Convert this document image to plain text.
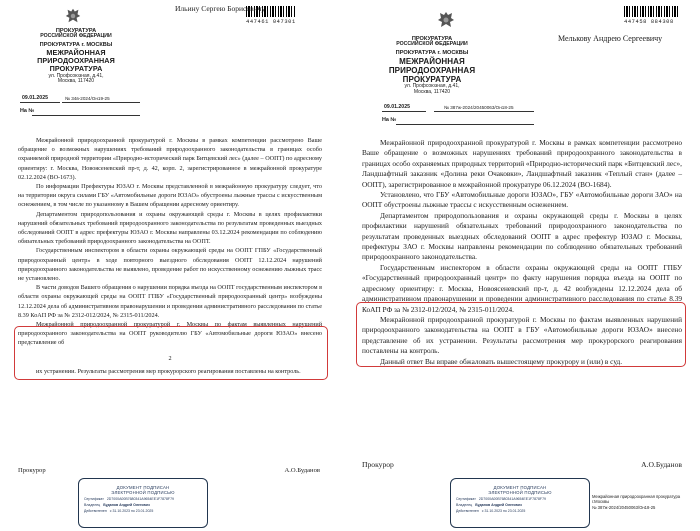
ПРОКУРАТУРА
РОССИЙСКОЙ ФЕДЕРАЦИИ
ПРОКУРАТУРА г. МОСКВЫ
МЕЖРАЙОННАЯ
ПРИРОДООХРАННАЯ ПРОКУРАТУРА
ул. Профсоюзная, д.41,
Москва, 117420
447461 047301
Ильину Сергею Борисовичу
09.01.2025	№ 34в-2024/Он19-25
На №

Межрайонной природоохранной прокуратурой г. Москвы в рамках компетенции рассмотрено Ваше обращение о возможных нарушениях требований природоохранного законодательства в границах особо охраняемой природной территории «Природно-исторический парк Битцевский лес» (далее – ООПТ) по адресному ориентиру: г. Москва, Новоясеневский пр-т, д. 42, корп. 2, зарегистрированное в межрайонной прокуратуре 02.12.2024 (ВО-1673).

По информации Префектуры ЮЗАО г. Москвы представленной в межрайонную прокуратуру следует, что на территории округа силами ГБУ «Автомобильные дороги ЮЗАО» обустроены лыжные трассы с искусственным оснежением, в том числе по указанному в Вашем обращении адресному ориентиру.

Департаментом природопользования и охраны окружающей среды г. Москвы в целях профилактики нарушений обязательных требований природоохранного законодательства по результатам проведенных выездных обследований ООПТ в адрес префектуры ЮЗАО г. Москвы направлены 03.12.2024 рекомендации по соблюдению обязательных требований природоохранного законодательства на ООПТ.

Государственным инспектором в области охраны окружающей среды на ООПТ ГПБУ «Государственный природоохранный центр» в ходе повторного выездного обследования ООПТ 12.12.2024 нарушений природоохранного законодательства не выявлено, проведение работ по искусственному оснежению лыжных трасс не установлено.

В части доводов Вашего обращения о нарушении порядка въезда на ООПТ государственным инспектором в области охраны окружающей среды на ООПТ ГПБУ «Государственный природоохранный центр» возбуждены 12.12.2024 дела об административном правонарушении и проведении административного расследования по статье 8.39 КоАП РФ за № 2312-012/2024, № 2315-011/2024.

Межрайонной природоохранной прокуратурой г. Москвы по фактам выявленных нарушений природоохранного законодательства на ООПТ руководителю ГБУ «Автомобильные дороги ЮЗАО» внесено представление об

2

их устранении. Результаты рассмотрения мер прокурорского реагирования поставлены на контроль.

Прокурор	А.О.Буданов
ДОКУМЕНТ ПОДПИСАН
ЭЛЕКТРОННОЙ ПОДПИСЬЮ
Сертификат 2D7000A00B7680341A9654ЕЕ1F7878F79
Владелец Буданов Андрей Олегович
Действителен с 31.10.2023 по 23.01.2025
ПРОКУРАТУРА
РОССИЙСКОЙ ФЕДЕРАЦИИ
ПРОКУРАТУРА г. МОСКВЫ
МЕЖРАЙОННАЯ
ПРИРОДООХРАННАЯ ПРОКУРАТУРА
ул. Профсоюзная, д.41,
Москва, 117420
447458 884308
Мелькову Андрею Сергеевичу
09.01.2025	№ 387ж-2024/20450063/Он18-25
На №

Межрайонной природоохранной прокуратурой г. Москвы в рамках компетенции рассмотрено Ваше обращение о возможных нарушениях требований природоохранного законодательства в границах особо охраняемых природных территорий «Природно-исторический парк «Битцевский лес», Ландшафтный заказник «Долина реки Очаковки», Ландшафтный заказник «Теплый стан» (далее – ООПТ), зарегистрированное в межрайонной прокуратуре 06.12.2024 (ВО-1684).

Установлено, что ГБУ «Автомобильные дороги ЮЗАО», ГБУ «Автомобильные дороги ЗАО» на ООПТ обустроены лыжные трассы с искусственным оснежением.

Департаментом природопользования и охраны окружающей среды г. Москвы в целях профилактики нарушений обязательных требований природоохранного законодательства по результатам проведенных выездных обследований ООПТ в адрес префектур ЮЗАО г. Москвы, префектуры ЗАО г. Москвы направлены рекомендации по соблюдению обязательных требований природоохранного законодательства.

Государственным инспектором в области охраны окружающей среды на ООПТ ГПБУ «Государственный природоохранный центр» по факту нарушения порядка въезда на ООПТ по адресному ориентиру: г. Москва, Новоясеневский пр-т, д. 42 возбуждены 12.12.2024 дела об административном правонарушении и проведении административного расследования по статье 8.39 КоАП РФ за № 2312-012/2024, № 2315-011/2024.

Межрайонной природоохранной прокуратурой г. Москвы по фактам выявленных нарушений природоохранного законодательства на ООПТ в ГБУ «Автомобильные дороги ЮЗАО» внесено представление об их устранении. Результаты рассмотрения мер прокурорского реагирования поставлены на контроль.

Данный ответ Вы вправе обжаловать вышестоящему прокурору и (или) в суд.

Прокурор	А.О.Буданов
ДОКУМЕНТ ПОДПИСАН
ЭЛЕКТРОННОЙ ПОДПИСЬЮ
Сертификат 2D7000A00B7680341A9654ЕЕ1F7878F79
Владелец Буданов Андрей Олегович
Действителен с 31.10.2023 по 23.01.2025
Межрайонная природоохранная прокуратура
г.Москвы
№ 387ж-2024/20450063/Он18-25
